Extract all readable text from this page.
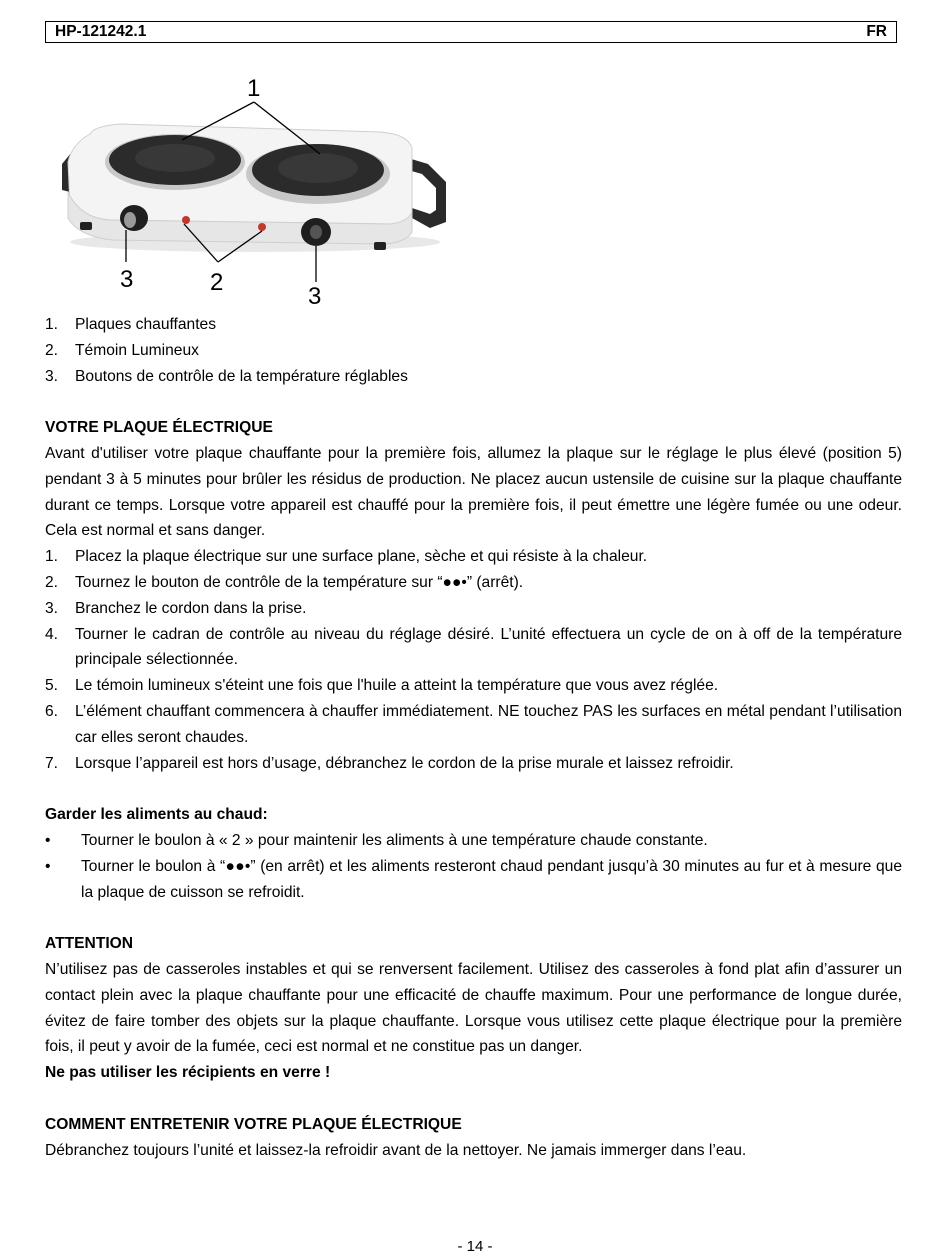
HP-121242.1	FR
1
2
3
3
1. Plaques chauffantes
2. Témoin Lumineux
3. Boutons de contrôle de la température réglables
VOTRE PLAQUE ÉLECTRIQUE
Avant d'utiliser votre plaque chauffante pour la première fois, allumez la plaque sur le réglage le plus élevé (position 5) pendant 3 à 5 minutes pour brûler les résidus de production. Ne placez aucun ustensile de cuisine sur la plaque chauffante durant ce temps. Lorsque votre appareil est chauffé pour la première fois, il peut émettre une légère fumée ou une odeur. Cela est normal et sans danger.
1. Placez la plaque électrique sur une surface plane, sèche et qui résiste à la chaleur.
2. Tournez le bouton de contrôle de la température sur “●●•” (arrêt).
3. Branchez le cordon dans la prise.
4. Tourner le cadran de contrôle au niveau du réglage désiré. L’unité effectuera un cycle de on à off de la température principale sélectionnée.
5. Le témoin lumineux s'éteint une fois que l'huile a atteint la température que vous avez réglée.
6. L’élément chauffant commencera à chauffer immédiatement. NE touchez PAS les surfaces en métal pendant l’utilisation car elles seront chaudes.
7. Lorsque l’appareil est hors d’usage, débranchez le cordon de la prise murale et laissez refroidir.
Garder les aliments au chaud:
• Tourner le boulon à « 2 » pour maintenir les aliments à une température chaude constante.
• Tourner le boulon à “●●•” (en arrêt) et les aliments resteront chaud pendant jusqu’à 30 minutes au fur et à mesure que la plaque de cuisson se refroidit.
ATTENTION
N’utilisez pas de casseroles instables et qui se renversent facilement. Utilisez des casseroles à fond plat afin d’assurer un contact plein avec la plaque chauffante pour une efficacité de chauffe maximum. Pour une performance de longue durée, évitez de faire tomber des objets sur la plaque chauffante. Lorsque vous utilisez cette plaque électrique pour la première fois, il peut y avoir de la fumée, ceci est normal et ne constitue pas un danger.
Ne pas utiliser les récipients en verre !
COMMENT ENTRETENIR VOTRE PLAQUE ÉLECTRIQUE
Débranchez toujours l’unité et laissez-la refroidir avant de la nettoyer. Ne jamais immerger dans l’eau.
- 14 -
